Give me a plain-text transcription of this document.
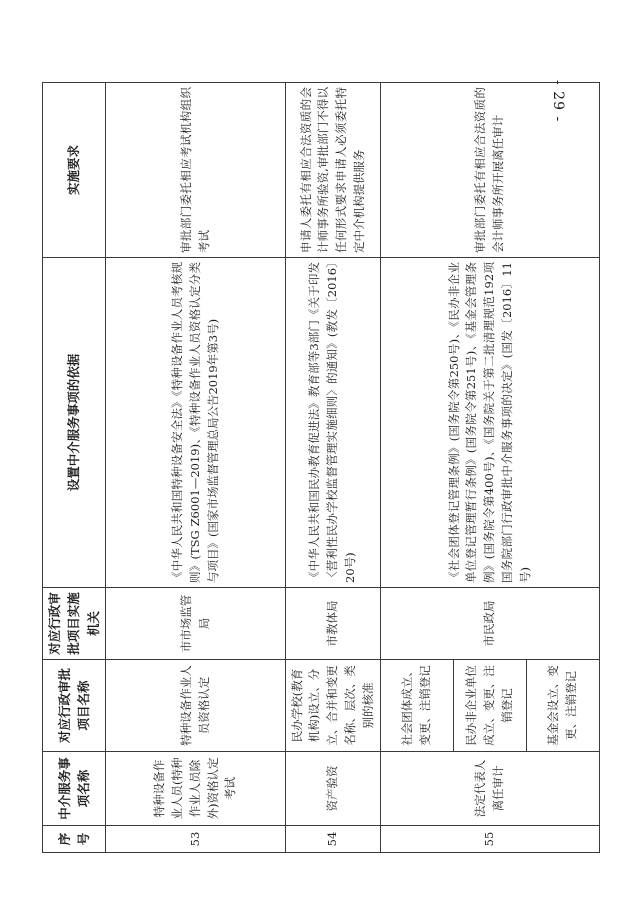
- 29 -
序号	中介服务事项名称	对应行政审批项目名称	对应行政审批项目实施机关	设置中介服务事项的依据	实施要求
53	特种设备作业人员(特种作业人员除外)资格认定考试	特种设备作业人员资格认定	市市场监管局	《中华人民共和国特种设备安全法》《特种设备作业人员考核规则》(TSG Z6001—2019)、《特种设备作业人员资格认定分类与项目》(国家市场监督管理总局公告2019年第3号)	审批部门委托相应考试机构组织考试
54	资产验资	民办学校(教育机构)设立、分立、合并和变更名称、层次、类别的核准	市教体局	《中华人民共和国民办教育促进法》教育部等3部门《关于印发〈营利性民办学校监督管理实施细则〉的通知》(教发〔2016〕20号)	申请人委托有相应合法资质的会计师事务所验资,审批部门不得以任何形式要求申请人必须委托特定中介机构提供服务
55	法定代表人离任审计	社会团体成立、变更、注销登记	市民政局	《社会团体登记管理条例》(国务院令第250号)、《民办非企业单位登记管理暂行条例》(国务院令第251号)、《基金会管理条例》(国务院令第400号)、《国务院关于第二批清理规范192项国务院部门行政审批中介服务事项的决定》(国发〔2016〕11号)	审批部门委托有相应合法资质的会计师事务所开展离任审计
		民办非企业单位成立、变更、注销登记			
		基金会设立、变更、注销登记			
